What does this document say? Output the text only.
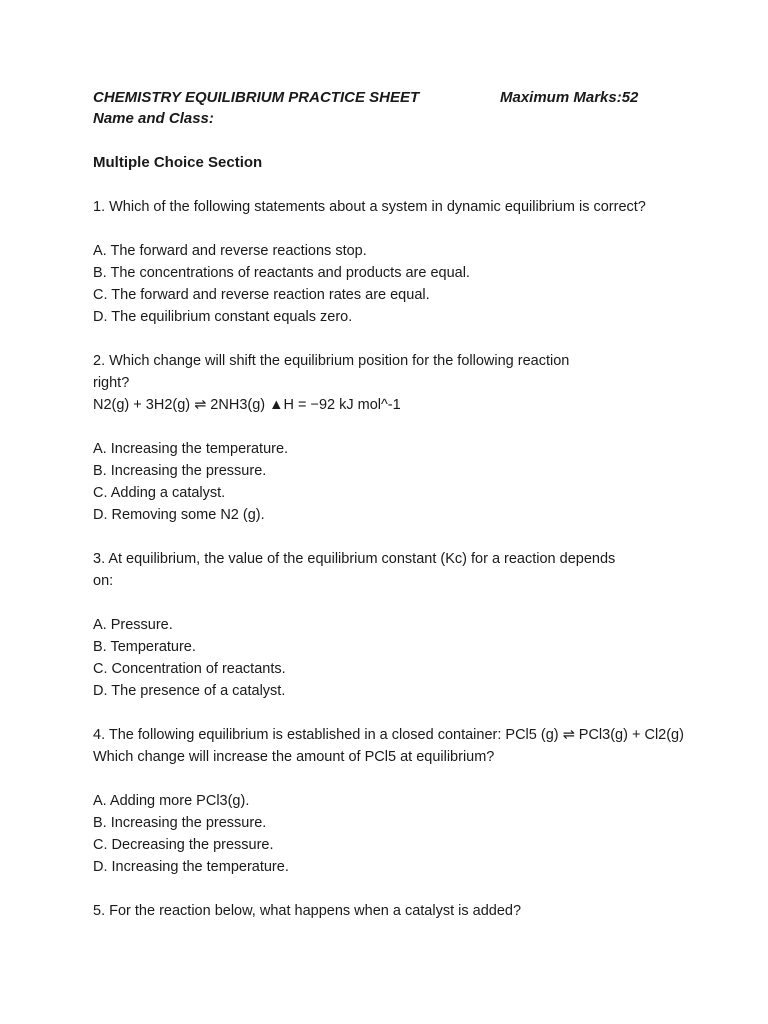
CHEMISTRY EQUILIBRIUM PRACTICE SHEET	Maximum Marks:52
Name and Class:
Multiple Choice Section
1. Which of the following statements about a system in dynamic equilibrium is correct?
A. The forward and reverse reactions stop.
B. The concentrations of reactants and products are equal.
C. The forward and reverse reaction rates are equal.
D. The equilibrium constant equals zero.
2. Which change will shift the equilibrium position for the following reaction
right?
N2(g) + 3H2(g) ⇌ 2NH3(g) ▲H = −92 kJ mol^-1
A. Increasing the temperature.
B. Increasing the pressure.
C. Adding a catalyst.
D. Removing some N2 (g).
3. At equilibrium, the value of the equilibrium constant (Kc) for a reaction depends
on:
A. Pressure.
B. Temperature.
C. Concentration of reactants.
D. The presence of a catalyst.
4. The following equilibrium is established in a closed container: PCl5 (g) ⇌ PCl3(g) + Cl2(g)
Which change will increase the amount of PCl5 at equilibrium?
A. Adding more PCl3(g).
B. Increasing the pressure.
C. Decreasing the pressure.
D. Increasing the temperature.
5. For the reaction below, what happens when a catalyst is added?
